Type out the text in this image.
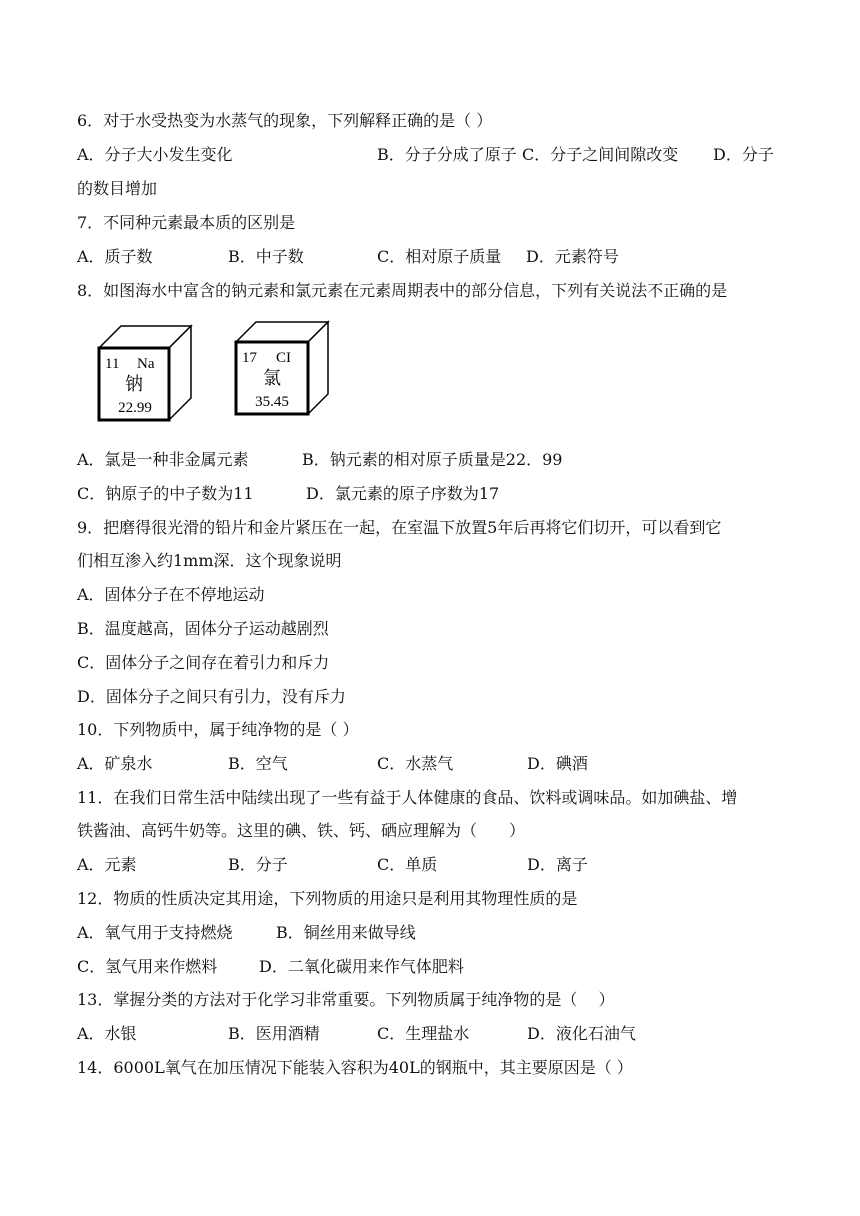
6．对于水受热变为水蒸气的现象，下列解释正确的是（ ）
A．分子大小发生变化	B．分子分成了原子 C．分子之间间隙改变 D．分子
的数目增加
7．不同种元素最本质的区别是
A．质子数	B．中子数	C．相对原子质量 D．元素符号
8．如图海水中富含的钠元素和氯元素在元素周期表中的部分信息，下列有关说法不正确的是
11 Na
钠
22.99
17 CI
氯
35.45
A．氯是一种非金属元素	B．钠元素的相对原子质量是22．99
C．钠原子的中子数为11	D．氯元素的原子序数为17
9．把磨得很光滑的铅片和金片紧压在一起，在室温下放置5年后再将它们切开，可以看到它
们相互渗入约1mm深．这个现象说明
A．固体分子在不停地运动
B．温度越高，固体分子运动越剧烈
C．固体分子之间存在着引力和斥力
D．固体分子之间只有引力，没有斥力
10．下列物质中，属于纯净物的是（ ）
A．矿泉水	B．空气	C．水蒸气	D．碘酒
11．在我们日常生活中陆续出现了一些有益于人体健康的食品、饮料或调味品。如加碘盐、增
铁酱油、高钙牛奶等。这里的碘、铁、钙、硒应理解为（　　）
A．元素	B．分子	C．单质	D．离子
12．物质的性质决定其用途，下列物质的用途只是利用其物理性质的是
A．氧气用于支持燃烧	B．铜丝用来做导线
C．氢气用来作燃料	D．二氧化碳用来作气体肥料
13．掌握分类的方法对于化学习非常重要。下列物质属于纯净物的是（　 ）
A．水银	B．医用酒精	C．生理盐水	D．液化石油气
14．6000L氧气在加压情况下能装入容积为40L的钢瓶中，其主要原因是（ ）
